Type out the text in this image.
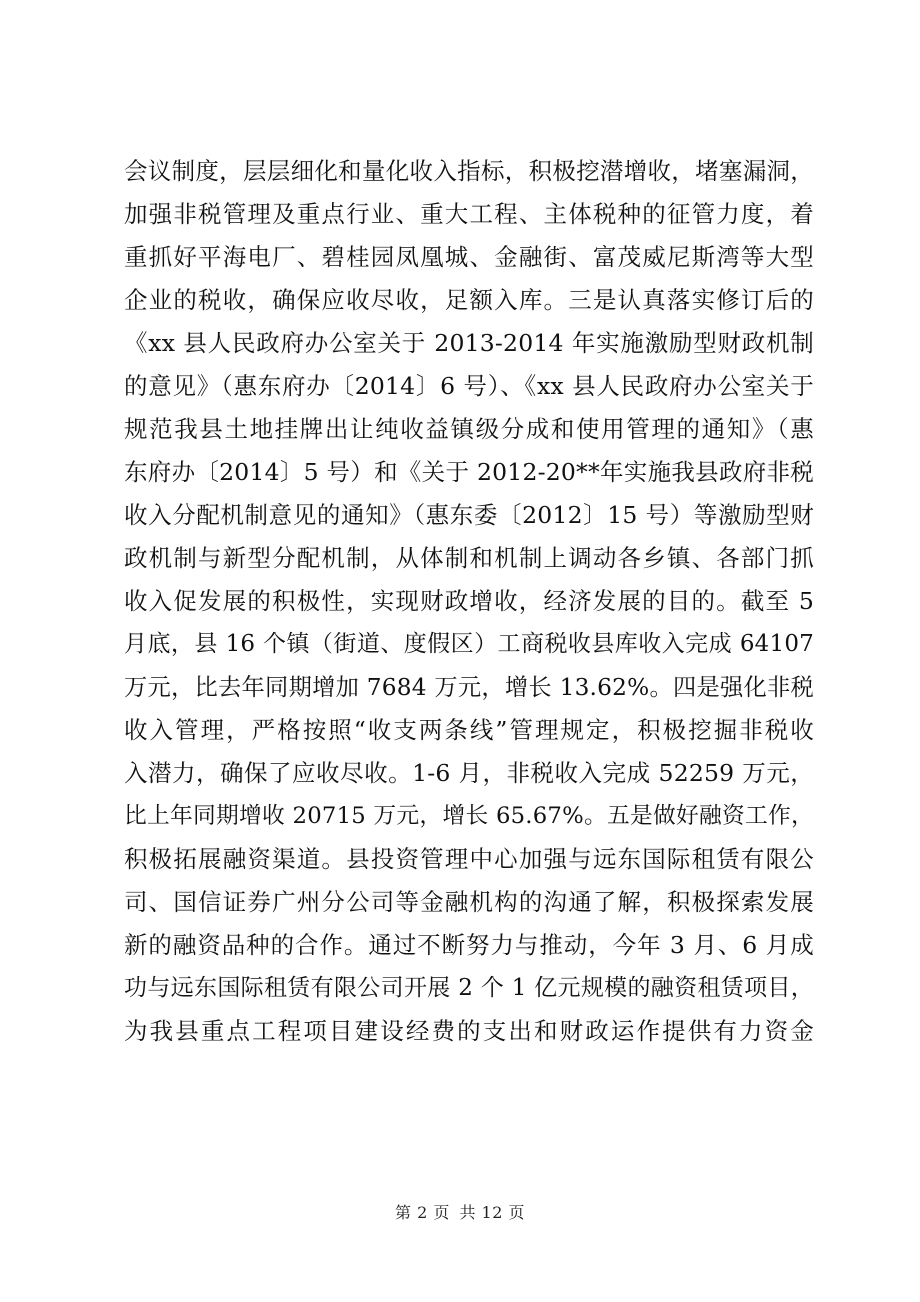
会议制度，层层细化和量化收入指标，积极挖潜增收，堵塞漏洞，
加强非税管理及重点行业、重大工程、主体税种的征管力度，着
重抓好平海电厂、碧桂园凤凰城、金融街、富茂威尼斯湾等大型
企业的税收，确保应收尽收，足额入库。三是认真落实修订后的
《xx 县人民政府办公室关于 2013-2014 年实施激励型财政机制
的意见》（惠东府办〔2014〕6 号）、《xx 县人民政府办公室关于
规范我县土地挂牌出让纯收益镇级分成和使用管理的通知》（惠
东府办〔2014〕5 号）和《关于 2012-20**年实施我县政府非税
收入分配机制意见的通知》（惠东委〔2012〕15 号）等激励型财
政机制与新型分配机制，从体制和机制上调动各乡镇、各部门抓
收入促发展的积极性，实现财政增收，经济发展的目的。截至 5
月底，县 16 个镇（街道、度假区）工商税收县库收入完成 64107
万元，比去年同期增加 7684 万元，增长 13.62%。四是强化非税
收入管理，严格按照“收支两条线”管理规定，积极挖掘非税收
入潜力，确保了应收尽收。1-6 月，非税收入完成 52259 万元，
比上年同期增收 20715 万元，增长 65.67%。五是做好融资工作，
积极拓展融资渠道。县投资管理中心加强与远东国际租赁有限公
司、国信证券广州分公司等金融机构的沟通了解，积极探索发展
新的融资品种的合作。通过不断努力与推动，今年 3 月、6 月成
功与远东国际租赁有限公司开展 2 个 1 亿元规模的融资租赁项目，
为我县重点工程项目建设经费的支出和财政运作提供有力资金
第 2 页 共 12 页
